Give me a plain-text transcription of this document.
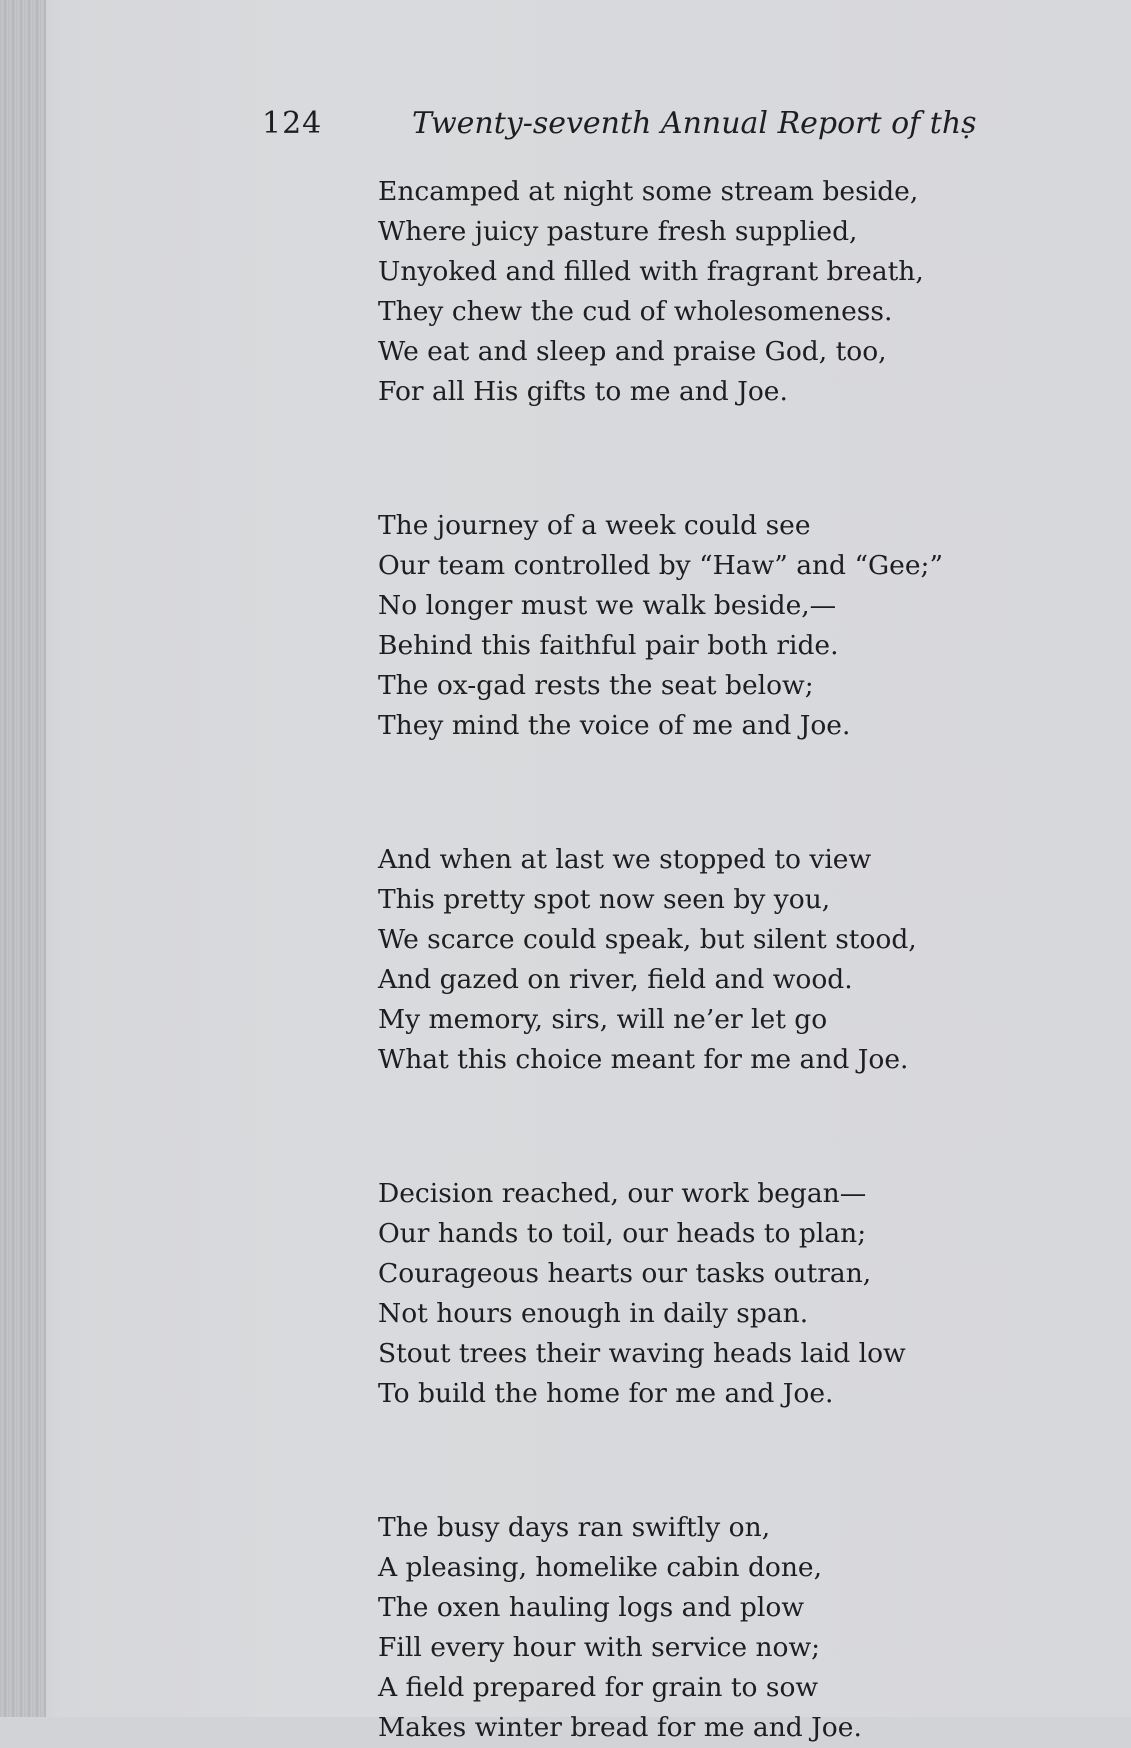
124	Twenty-seventh Annual Report of thṣ
Encamped at night some stream beside,
Where juicy pasture fresh supplied,
Unyoked and filled with fragrant breath,
They chew the cud of wholesomeness.
We eat and sleep and praise God, too,
For all His gifts to me and Joe.
The journey of a week could see
Our team controlled by “Haw” and “Gee;”
No longer must we walk beside,—
Behind this faithful pair both ride.
The ox-gad rests the seat below;
They mind the voice of me and Joe.
And when at last we stopped to view
This pretty spot now seen by you,
We scarce could speak, but silent stood,
And gazed on river, field and wood.
My memory, sirs, will ne’er let go
What this choice meant for me and Joe.
Decision reached, our work began—
Our hands to toil, our heads to plan;
Courageous hearts our tasks outran,
Not hours enough in daily span.
Stout trees their waving heads laid low
To build the home for me and Joe.
The busy days ran swiftly on,
A pleasing, homelike cabin done,
The oxen hauling logs and plow
Fill every hour with service now;
A field prepared for grain to sow
Makes winter bread for me and Joe.
